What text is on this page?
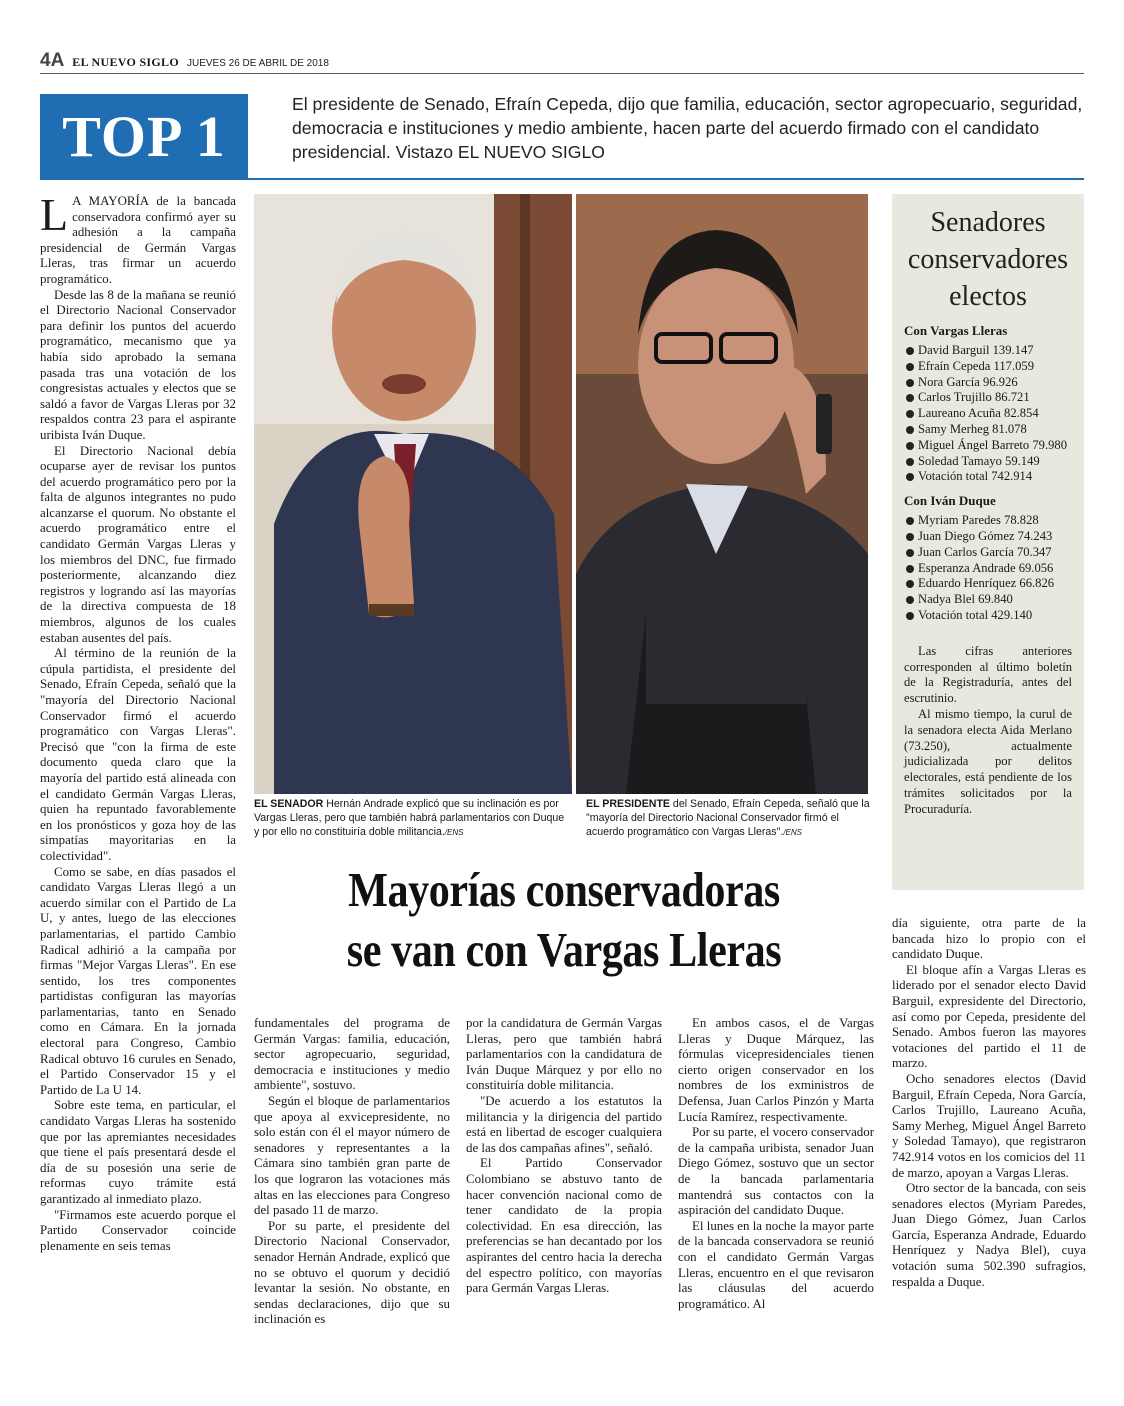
4A EL NUEVO SIGLO JUEVES 26 DE ABRIL DE 2018
TOP 1	El presidente de Senado, Efraín Cepeda, dijo que familia, educación, sector agropecuario, seguridad, democracia e instituciones y medio ambiente, hacen parte del acuerdo firmado con el candidato presidencial. Vistazo EL NUEVO SIGLO

L A MAYORÍA de la bancada conservadora confirmó ayer su adhesión a la campaña presidencial de Germán Vargas Lleras, tras firmar un acuerdo programático.

Desde las 8 de la mañana se reunió el Directorio Nacional Conservador para definir los puntos del acuerdo programático, mecanismo que ya había sido aprobado la semana pasada tras una votación de los congresistas actuales y electos que se saldó a favor de Vargas Lleras por 32 respaldos contra 23 para el aspirante uribista Iván Duque.

El Directorio Nacional debía ocuparse ayer de revisar los puntos del acuerdo programático pero por la falta de algunos integrantes no pudo alcanzarse el quorum. No obstante el acuerdo programático entre el candidato Germán Vargas Lleras y los miembros del DNC, fue firmado posteriormente, alcanzando diez registros y logrando así las mayorías de la directiva compuesta de 18 miembros, algunos de los cuales estaban ausentes del país.

Al término de la reunión de la cúpula partidista, el presidente del Senado, Efraín Cepeda, señaló que la "mayoría del Directorio Nacional Conservador firmó el acuerdo programático con Vargas Lleras". Precisó que "con la firma de este documento queda claro que la mayoría del partido está alineada con el candidato Germán Vargas Lleras, quien ha repuntado favorablemente en los pronósticos y goza hoy de las simpatías mayoritarias en la colectividad".

Como se sabe, en días pasados el candidato Vargas Lleras llegó a un acuerdo similar con el Partido de La U, y antes, luego de las elecciones parlamentarias, el partido Cambio Radical adhirió a la campaña por firmas "Mejor Vargas Lleras". En ese sentido, los tres componentes partidistas configuran las mayorías parlamentarias, tanto en Senado como en Cámara. En la jornada electoral para Congreso, Cambio Radical obtuvo 16 curules en Senado, el Partido Conservador 15 y el Partido de La U 14.

Sobre este tema, en particular, el candidato Vargas Lleras ha sostenido que por las apremiantes necesidades que tiene el país presentará desde el día de su posesión una serie de reformas cuyo trámite está garantizado al inmediato plazo.

"Firmamos este acuerdo porque el Partido Conservador coincide plenamente en seis temas

EL SENADOR Hernán Andrade explicó que su inclinación es por Vargas Lleras, pero que también habrá parlamentarios con Duque y por ello no constituiría doble militancia./ENS
EL PRESIDENTE del Senado, Efraín Cepeda, señaló que la "mayoría del Directorio Nacional Conservador firmó el acuerdo programático con Vargas Lleras"./ENS
Mayorías conservadoras
se van con Vargas Lleras

fundamentales del programa de Germán Vargas: familia, educación, sector agropecuario, seguridad, democracia e instituciones y medio ambiente", sostuvo.

Según el bloque de parlamentarios que apoya al exvicepresidente, no solo están con él el mayor número de senadores y representantes a la Cámara sino también gran parte de los que lograron las votaciones más altas en las elecciones para Congreso del pasado 11 de marzo.

Por su parte, el presidente del Directorio Nacional Conservador, senador Hernán Andrade, explicó que no se obtuvo el quorum y decidió levantar la sesión. No obstante, en sendas declaraciones, dijo que su inclinación es

por la candidatura de Germán Vargas Lleras, pero que también habrá parlamentarios con la candidatura de Iván Duque Márquez y por ello no constituiría doble militancia.

"De acuerdo a los estatutos la militancia y la dirigencia del partido está en libertad de escoger cualquiera de las dos campañas afines", señaló.

El Partido Conservador Colombiano se abstuvo tanto de hacer convención nacional como de tener candidato de la propia colectividad. En esa dirección, las preferencias se han decantado por los aspirantes del centro hacia la derecha del espectro político, con mayorías para Germán Vargas Lleras.

En ambos casos, el de Vargas Lleras y Duque Márquez, las fórmulas vicepresidenciales tienen cierto origen conservador en los nombres de los exministros de Defensa, Juan Carlos Pinzón y Marta Lucía Ramírez, respectivamente.

Por su parte, el vocero conservador de la campaña uribista, senador Juan Diego Gómez, sostuvo que un sector de la bancada parlamentaria mantendrá sus contactos con la aspiración del candidato Duque.

El lunes en la noche la mayor parte de la bancada conservadora se reunió con el candidato Germán Vargas Lleras, encuentro en el que revisaron las cláusulas del acuerdo programático. Al

día siguiente, otra parte de la bancada hizo lo propio con el candidato Duque.

El bloque afín a Vargas Lleras es liderado por el senador electo David Barguil, expresidente del Directorio, así como por Cepeda, presidente del Senado. Ambos fueron las mayores votaciones del partido el 11 de marzo.

Ocho senadores electos (David Barguil, Efraín Cepeda, Nora García, Carlos Trujillo, Laureano Acuña, Samy Merheg, Miguel Ángel Barreto y Soledad Tamayo), que registraron 742.914 votos en los comicios del 11 de marzo, apoyan a Vargas Lleras.

Otro sector de la bancada, con seis senadores electos (Myriam Paredes, Juan Diego Gómez, Juan Carlos García, Esperanza Andrade, Eduardo Henríquez y Nadya Blel), cuya votación suma 502.390 sufragios, respalda a Duque.

Senadores
conservadores
electos
Con Vargas Lleras
David Barguil 139.147
Efraín Cepeda 117.059
Nora García 96.926
Carlos Trujillo 86.721
Laureano Acuña 82.854
Samy Merheg 81.078
Miguel Ángel Barreto 79.980
Soledad Tamayo 59.149
Votación total 742.914
Con Iván Duque
Myriam Paredes 78.828
Juan Diego Gómez 74.243
Juan Carlos García 70.347
Esperanza Andrade 69.056
Eduardo Henríquez 66.826
Nadya Blel 69.840
Votación total 429.140

Las cifras anteriores corresponden al último boletín de la Registraduría, antes del escrutinio.

Al mismo tiempo, la curul de la senadora electa Aida Merlano (73.250), actualmente judicializada por delitos electorales, está pendiente de los trámites solicitados por la Procuraduría.
